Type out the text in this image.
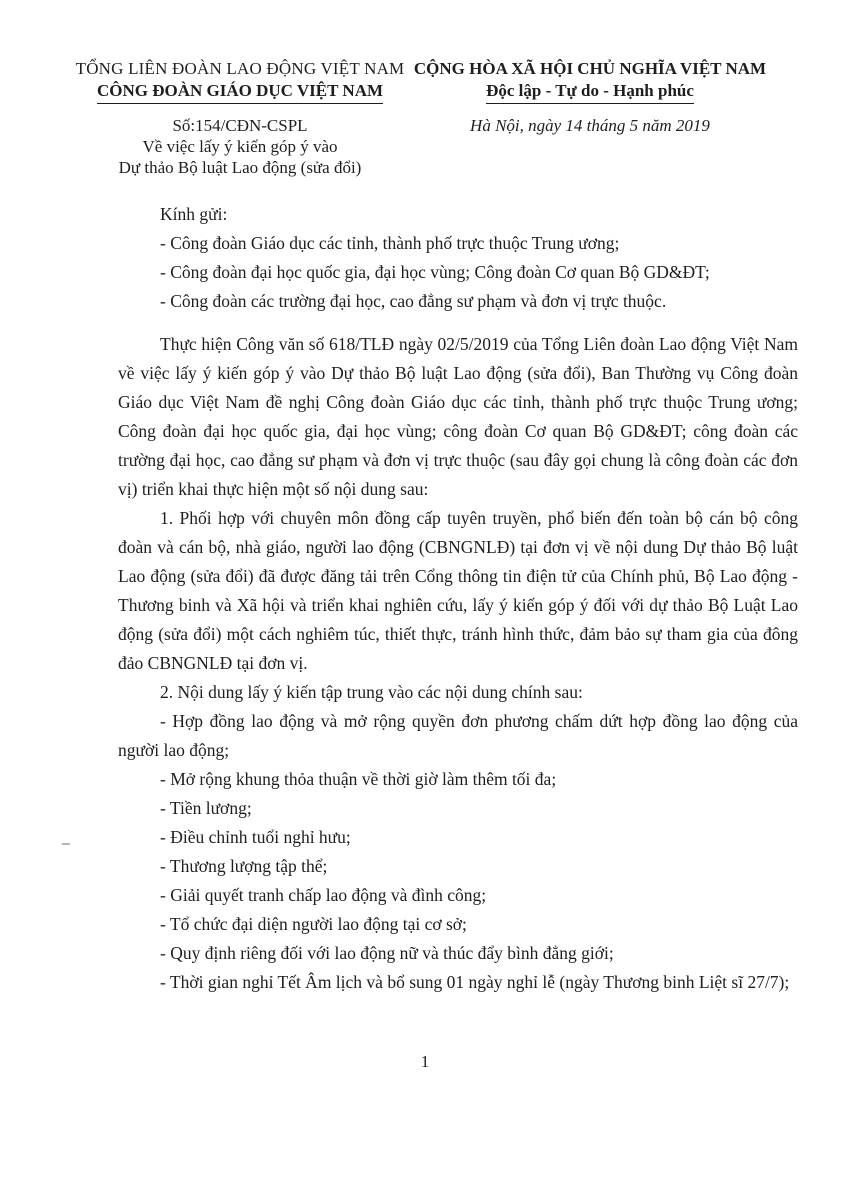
TỔNG LIÊN ĐOÀN LAO ĐỘNG VIỆT NAM
CÔNG ĐOÀN GIÁO DỤC VIỆT NAM
CỘNG HÒA XÃ HỘI CHỦ NGHĨA VIỆT NAM
Độc lập - Tự do - Hạnh phúc
Số:154/CĐN-CSPL
Về việc lấy ý kiến góp ý vào
Dự thảo Bộ luật Lao động (sửa đổi)
Hà Nội, ngày 14 tháng 5 năm 2019

Kính gửi:

- Công đoàn Giáo dục các tỉnh, thành phố trực thuộc Trung ương;

- Công đoàn đại học quốc gia, đại học vùng; Công đoàn Cơ quan Bộ GD&ĐT;

- Công đoàn các trường đại học, cao đẳng sư phạm và đơn vị trực thuộc.

Thực hiện Công văn số 618/TLĐ ngày 02/5/2019 của Tổng Liên đoàn Lao động Việt Nam về việc lấy ý kiến góp ý vào Dự thảo Bộ luật Lao động (sửa đổi), Ban Thường vụ Công đoàn Giáo dục Việt Nam đề nghị Công đoàn Giáo dục các tỉnh, thành phố trực thuộc Trung ương; Công đoàn đại học quốc gia, đại học vùng; công đoàn Cơ quan Bộ GD&ĐT; công đoàn các trường đại học, cao đẳng sư phạm và đơn vị trực thuộc (sau đây gọi chung là công đoàn các đơn vị) triển khai thực hiện một số nội dung sau:

1. Phối hợp với chuyên môn đồng cấp tuyên truyền, phổ biến đến toàn bộ cán bộ công đoàn và cán bộ, nhà giáo, người lao động (CBNGNLĐ) tại đơn vị về nội dung Dự thảo Bộ luật Lao động (sửa đổi) đã được đăng tải trên Cổng thông tin điện tử của Chính phủ, Bộ Lao động - Thương binh và Xã hội và triển khai nghiên cứu, lấy ý kiến góp ý đối với dự thảo Bộ Luật Lao động (sửa đổi) một cách nghiêm túc, thiết thực, tránh hình thức, đảm bảo sự tham gia của đông đảo CBNGNLĐ tại đơn vị.

2. Nội dung lấy ý kiến tập trung vào các nội dung chính sau:

- Hợp đồng lao động và mở rộng quyền đơn phương chấm dứt hợp đồng lao động của người lao động;

- Mở rộng khung thỏa thuận về thời giờ làm thêm tối đa;

- Tiền lương;

- Điều chỉnh tuổi nghỉ hưu;

- Thương lượng tập thể;

- Giải quyết tranh chấp lao động và đình công;

- Tổ chức đại diện người lao động tại cơ sở;

- Quy định riêng đối với lao động nữ và thúc đẩy bình đẳng giới;

- Thời gian nghỉ Tết Âm lịch và bổ sung 01 ngày nghỉ lễ (ngày Thương binh Liệt sĩ 27/7);

1
